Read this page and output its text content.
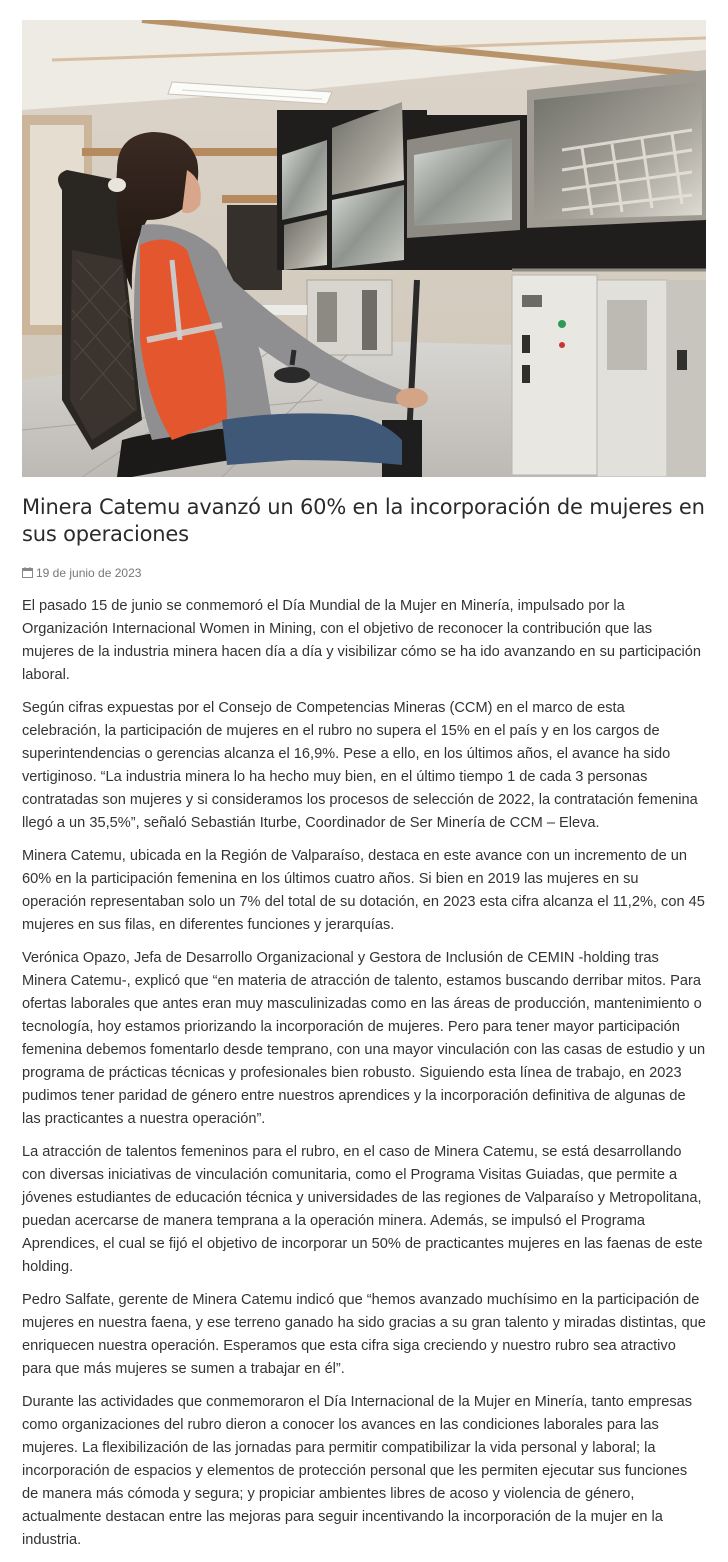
Minera Catemu avanzó un 60% en la incorporación de mujeres en sus operaciones
19 de junio de 2023

El pasado 15 de junio se conmemoró el Día Mundial de la Mujer en Minería, impulsado por la Organización Internacional Women in Mining, con el objetivo de reconocer la contribución que las mujeres de la industria minera hacen día a día y visibilizar cómo se ha ido avanzando en su participación laboral.

Según cifras expuestas por el Consejo de Competencias Mineras (CCM) en el marco de esta celebración, la participación de mujeres en el rubro no supera el 15% en el país y en los cargos de superintendencias o gerencias alcanza el 16,9%. Pese a ello, en los últimos años, el avance ha sido vertiginoso. “La industria minera lo ha hecho muy bien, en el último tiempo 1 de cada 3 personas contratadas son mujeres y si consideramos los procesos de selección de 2022, la contratación femenina llegó a un 35,5%”, señaló Sebastián Iturbe, Coordinador de Ser Minería de CCM – Eleva.

Minera Catemu, ubicada en la Región de Valparaíso, destaca en este avance con un incremento de un 60% en la participación femenina en los últimos cuatro años. Si bien en 2019 las mujeres en su operación representaban solo un 7% del total de su dotación, en 2023 esta cifra alcanza el 11,2%, con 45 mujeres en sus filas, en diferentes funciones y jerarquías.

Verónica Opazo, Jefa de Desarrollo Organizacional y Gestora de Inclusión de CEMIN -holding tras Minera Catemu-, explicó que “en materia de atracción de talento, estamos buscando derribar mitos. Para ofertas laborales que antes eran muy masculinizadas como en las áreas de producción, mantenimiento o tecnología, hoy estamos priorizando la incorporación de mujeres. Pero para tener mayor participación femenina debemos fomentarlo desde temprano, con una mayor vinculación con las casas de estudio y un programa de prácticas técnicas y profesionales bien robusto. Siguiendo esta línea de trabajo, en 2023 pudimos tener paridad de género entre nuestros aprendices y la incorporación definitiva de algunas de las practicantes a nuestra operación”.

La atracción de talentos femeninos para el rubro, en el caso de Minera Catemu, se está desarrollando con diversas iniciativas de vinculación comunitaria, como el Programa Visitas Guiadas, que permite a jóvenes estudiantes de educación técnica y universidades de las regiones de Valparaíso y Metropolitana, puedan acercarse de manera temprana a la operación minera. Además, se impulsó el Programa Aprendices, el cual se fijó el objetivo de incorporar un 50% de practicantes mujeres en las faenas de este holding.

Pedro Salfate, gerente de Minera Catemu indicó que “hemos avanzado muchísimo en la participación de mujeres en nuestra faena, y ese terreno ganado ha sido gracias a su gran talento y miradas distintas, que enriquecen nuestra operación. Esperamos que esta cifra siga creciendo y nuestro rubro sea atractivo para que más mujeres se sumen a trabajar en él”.

Durante las actividades que conmemoraron el Día Internacional de la Mujer en Minería, tanto empresas como organizaciones del rubro dieron a conocer los avances en las condiciones laborales para las mujeres. La flexibilización de las jornadas para permitir compatibilizar la vida personal y laboral; la incorporación de espacios y elementos de protección personal que les permiten ejecutar sus funciones de manera más cómoda y segura; y propiciar ambientes libres de acoso y violencia de género, actualmente destacan entre las mejoras para seguir incentivando la incorporación de la mujer en la industria.
